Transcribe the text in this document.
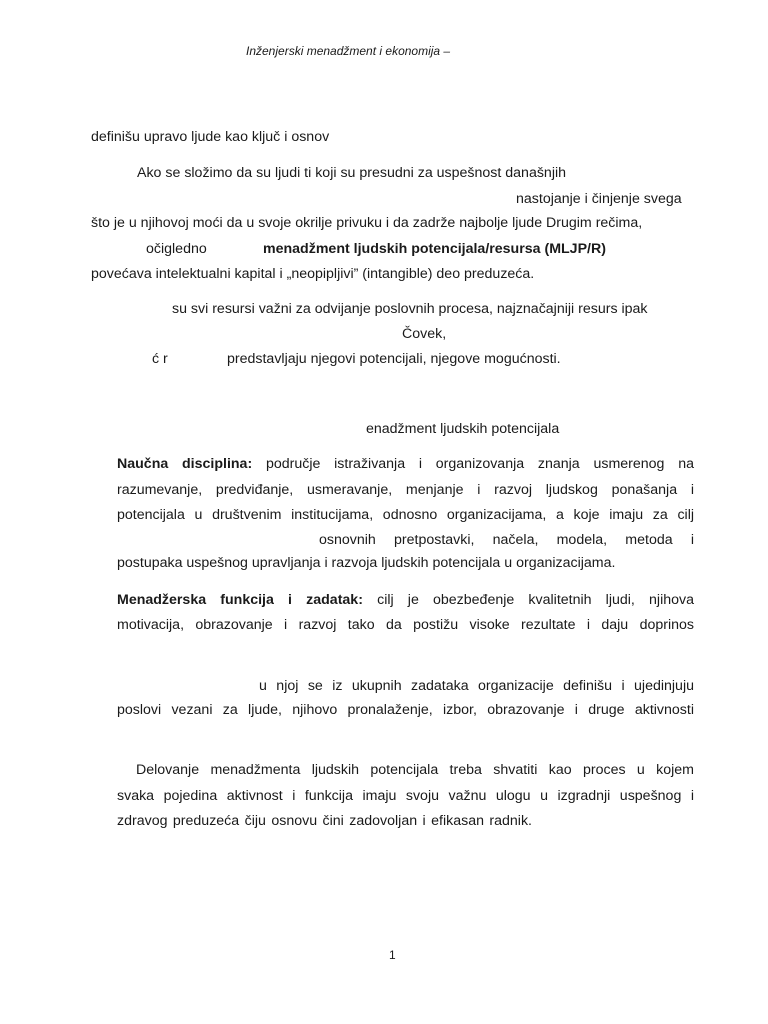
Inženjerski menadžment i ekonomija –
definišu upravo ljude kao ključ i osnov
Ako se složimo da su ljudi ti koji su presudni za uspešnost današnjih
nastojanje i činjenje svega
što je u njihovoj moći da u svoje okrilje privuku i da zadrže najbolje ljude Drugim rečima,
očigledno	menadžment ljudskih potencijala/resursa (MLJP/R)
povećava intelektualni kapital i „neopipljivi” (intangible) deo preduzeća.
su svi resursi važni za odvijanje poslovnih procesa, najznačajniji resurs ipak
Čovek,
ć r	predstavljaju njegovi potencijali, njegove mogućnosti.
enadžment ljudskih potencijala
Naučna disciplina: područje istraživanja i organizovanja znanja usmerenog na
razumevanje, predviđanje, usmeravanje, menjanje i razvoj ljudskog ponašanja i
potencijala u društvenim institucijama, odnosno organizacijama, a koje imaju za cilj
osnovnih pretpostavki, načela, modela, metoda i
postupaka uspešnog upravljanja i razvoja ljudskih potencijala u organizacijama.
Menadžerska funkcija i zadatak: cilj je obezbeđenje kvalitetnih ljudi, njihova
motivacija, obrazovanje i razvoj tako da postižu visoke rezultate i daju doprinos
u njoj se iz ukupnih zadataka organizacije definišu i ujedinjuju
poslovi vezani za ljude, njihovo pronalaženje, izbor, obrazovanje i druge aktivnosti
Delovanje menadžmenta ljudskih potencijala treba shvatiti kao proces u kojem
svaka pojedina aktivnost i funkcija imaju svoju važnu ulogu u izgradnji uspešnog i
zdravog preduzeća čiju osnovu čini zadovoljan i efikasan radnik.
1
